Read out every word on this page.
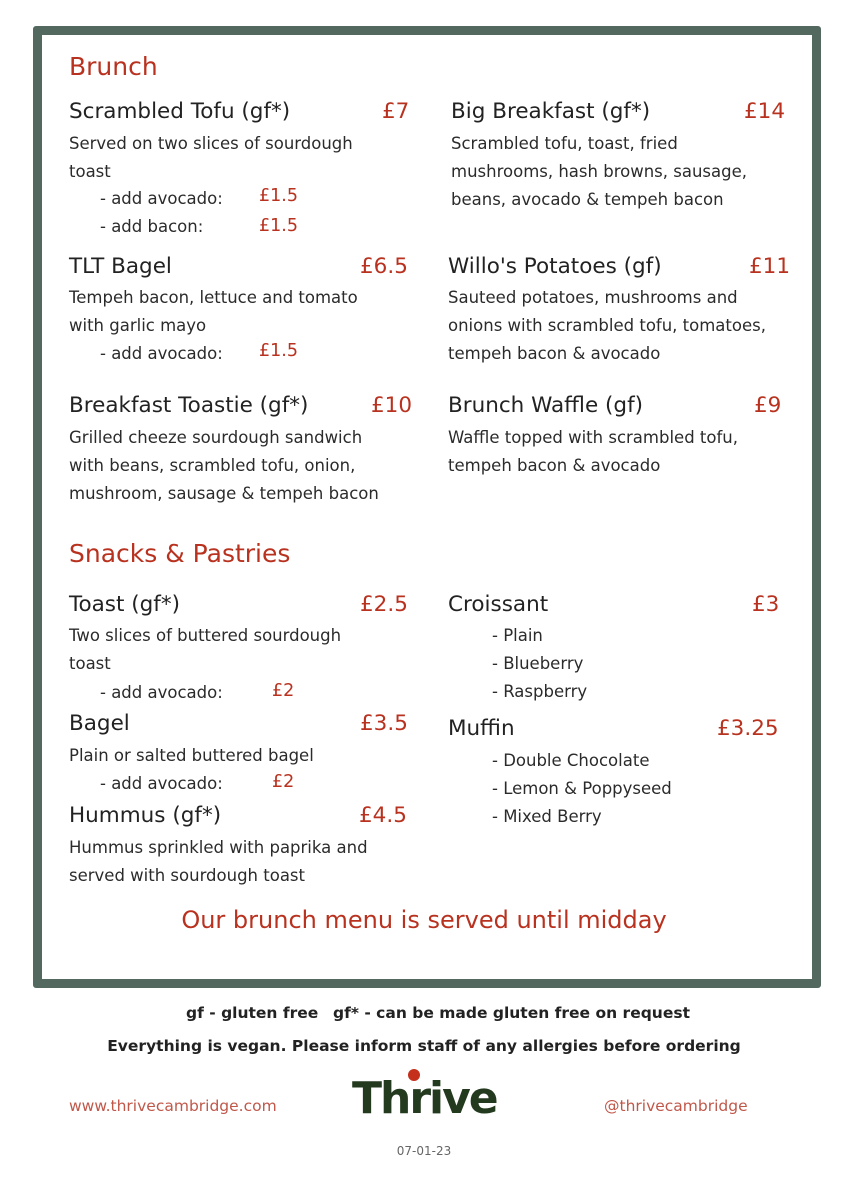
Brunch
Scrambled Tofu (gf*)	£7
Served on two slices of sourdough toast
- add avocado: £1.5
- add bacon:	£1.5
Big Breakfast (gf*)	£14
Scrambled tofu, toast, fried mushrooms, hash browns, sausage, beans, avocado & tempeh bacon
TLT Bagel	£6.5
Tempeh bacon, lettuce and tomato with garlic mayo
- add avocado: £1.5
Willo's Potatoes (gf)	£11
Sauteed potatoes, mushrooms and onions with scrambled tofu, tomatoes, tempeh bacon & avocado
Breakfast Toastie (gf*)	£10
Grilled cheeze sourdough sandwich with beans, scrambled tofu, onion, mushroom, sausage & tempeh bacon
Brunch Waffle (gf)	£9
Waffle topped with scrambled tofu, tempeh bacon & avocado
Snacks & Pastries
Toast (gf*)	£2.5
Two slices of buttered sourdough toast
- add avocado:	£2
Bagel	£3.5
Plain or salted buttered bagel
- add avocado:	£2
Hummus (gf*)	£4.5
Hummus sprinkled with paprika and served with sourdough toast
Croissant	£3
- Plain
- Blueberry
- Raspberry
Muffin	£3.25
- Double Chocolate
- Lemon & Poppyseed
- Mixed Berry
Our brunch menu is served until midday
gf - gluten free gf* - can be made gluten free on request
Everything is vegan. Please inform staff of any allergies before ordering
www.thrivecambridge.com Thrive	@thrivecambridge
07-01-23
